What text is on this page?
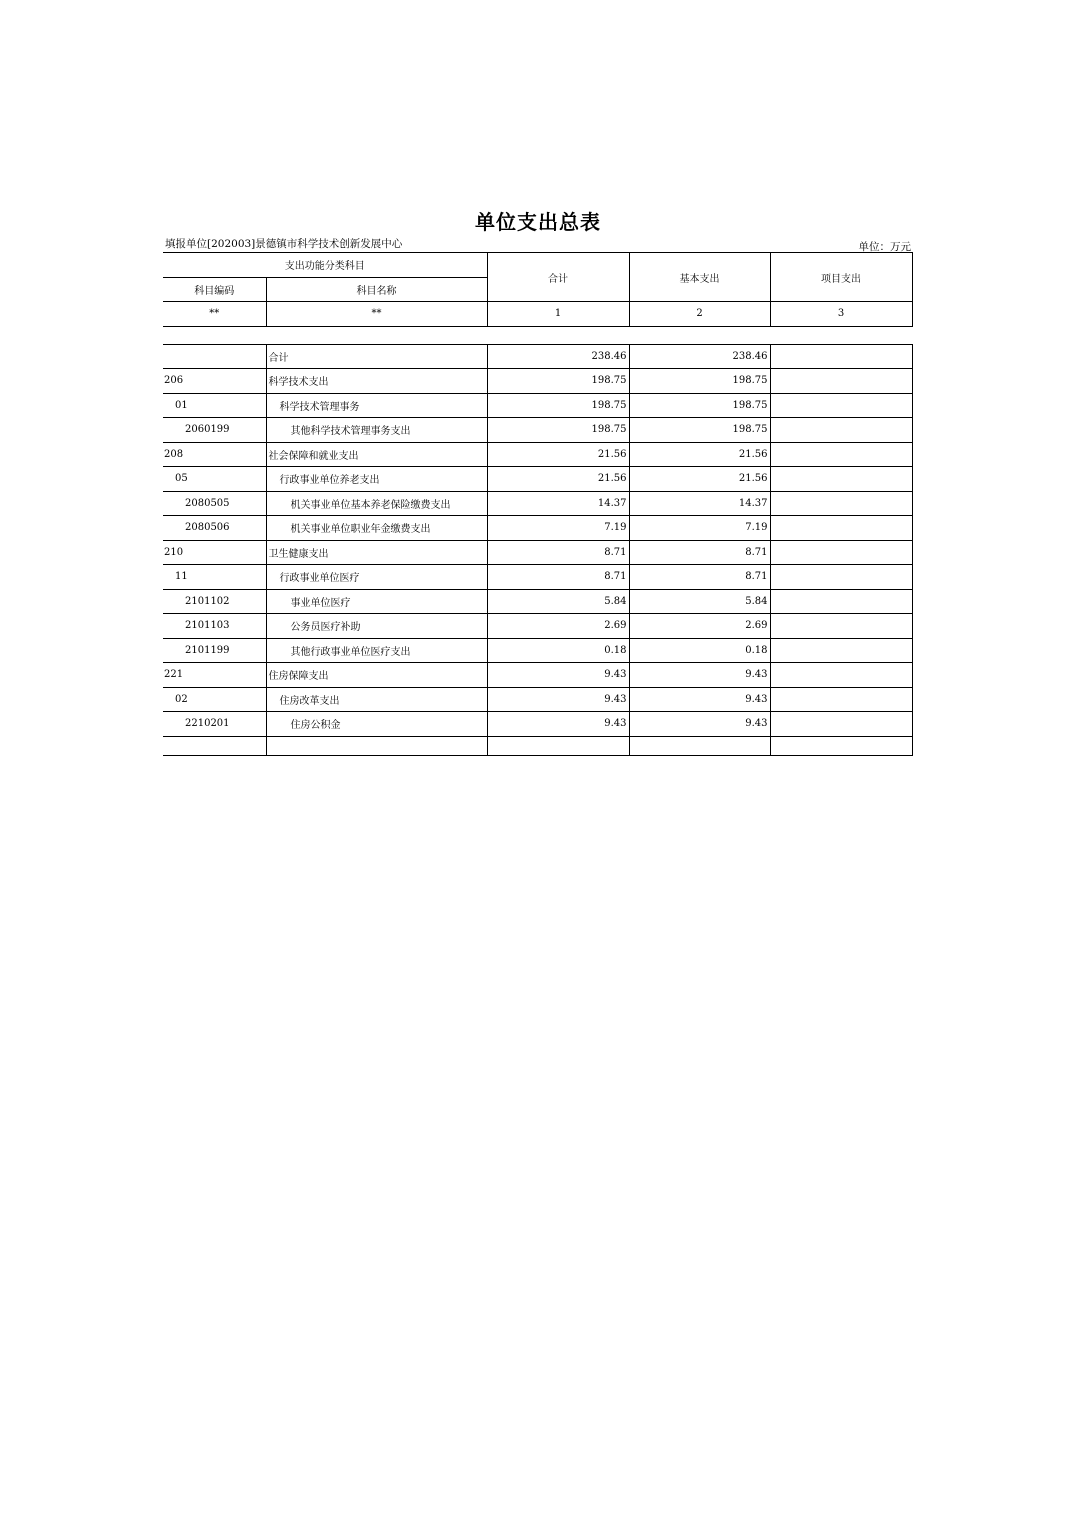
单位支出总表
填报单位[202003]景德镇市科学技术创新发展中心	单位：万元
支出功能分类科目		合计	基本支出	项目支出
科目编码	科目名称			
**	**	1	2	3

	合计	238.46	238.46	
206	科学技术支出	198.75	198.75	
01	科学技术管理事务	198.75	198.75	
2060199	其他科学技术管理事务支出	198.75	198.75	
208	社会保障和就业支出	21.56	21.56	
05	行政事业单位养老支出	21.56	21.56	
2080505	机关事业单位基本养老保险缴费支出	14.37	14.37	
2080506	机关事业单位职业年金缴费支出	7.19	7.19	
210	卫生健康支出	8.71	8.71	
11	行政事业单位医疗	8.71	8.71	
2101102	事业单位医疗	5.84	5.84	
2101103	公务员医疗补助	2.69	2.69	
2101199	其他行政事业单位医疗支出	0.18	0.18	
221	住房保障支出	9.43	9.43	
02	住房改革支出	9.43	9.43	
2210201	住房公积金	9.43	9.43	
